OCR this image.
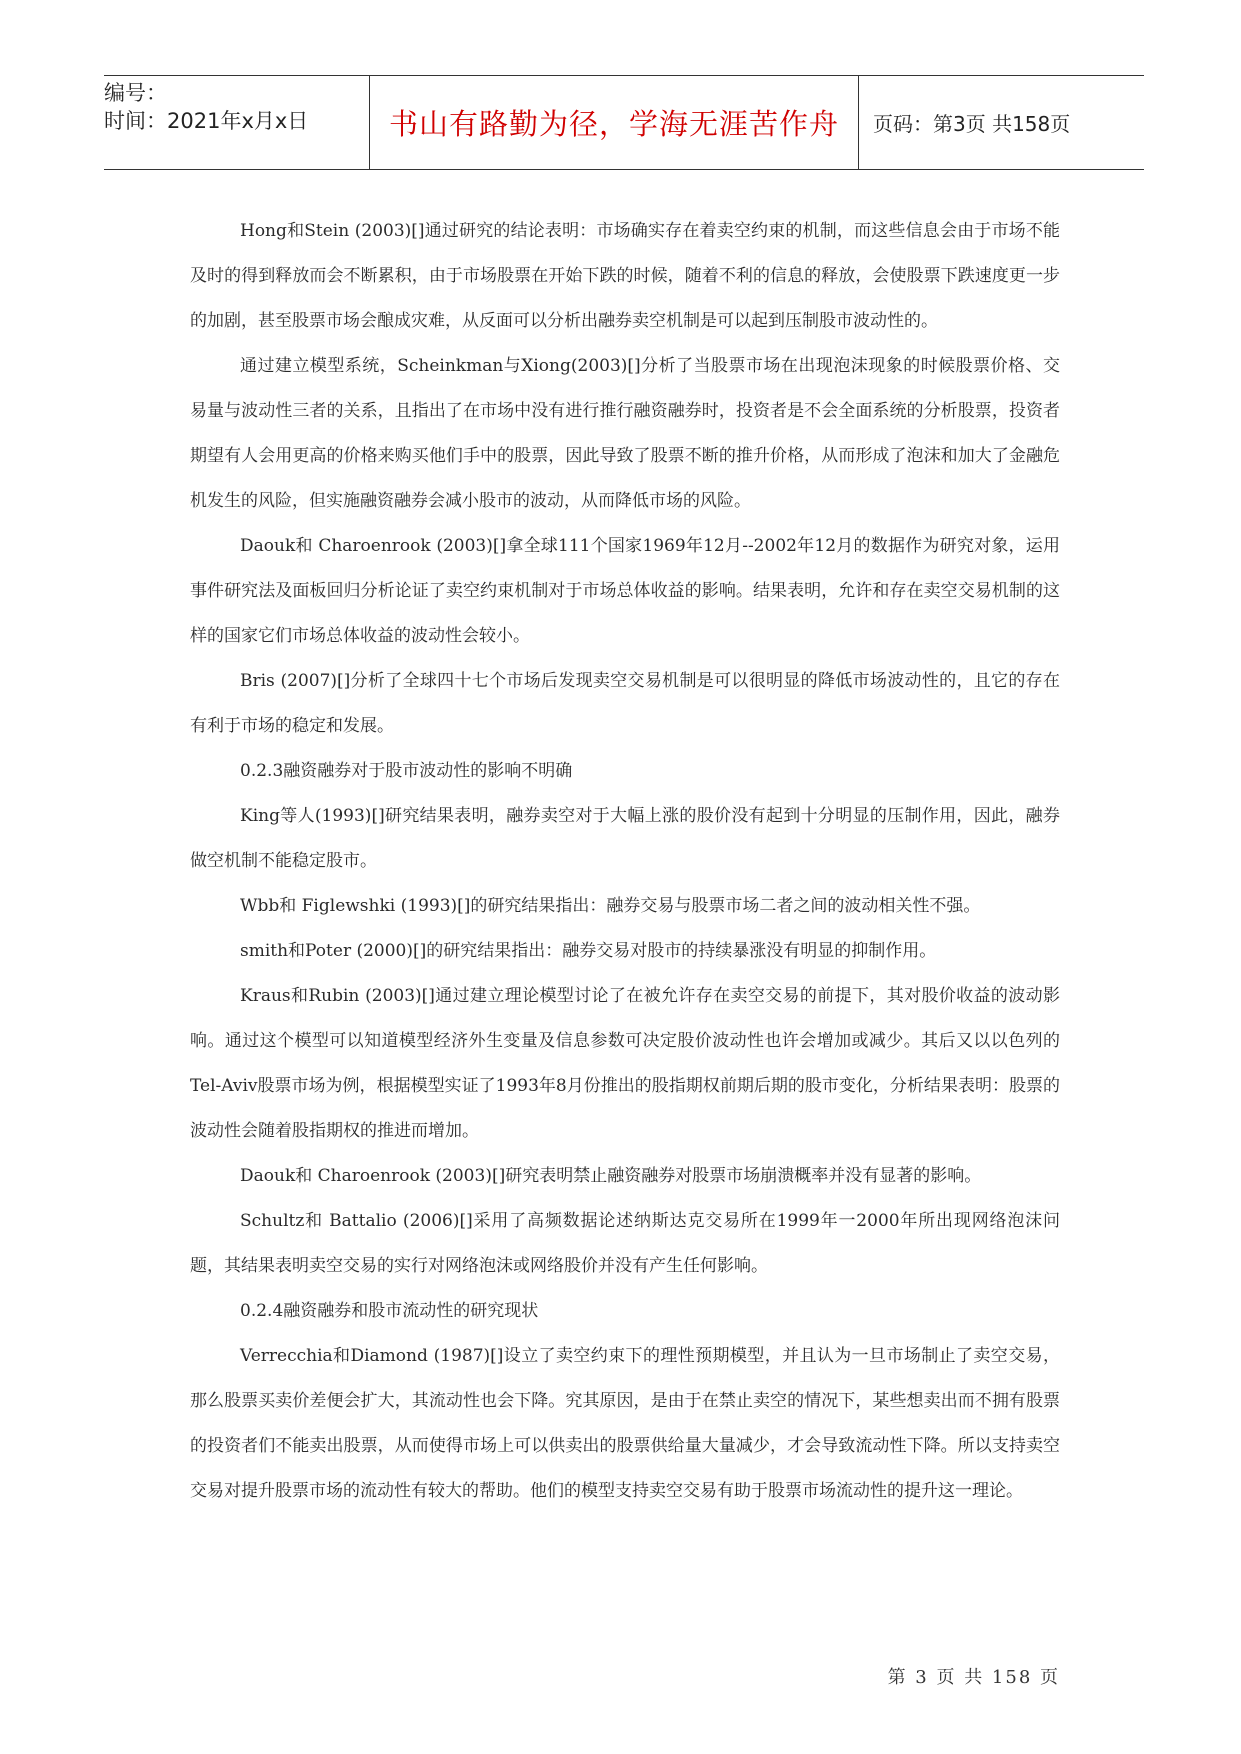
编号：
时间：2021年x月x日	书山有路勤为径，学海无涯苦作舟	页码：第3页 共158页

Hong和Stein (2003)[]通过研究的结论表明：市场确实存在着卖空约束的机制，而这些信息会由于市场不能及时的得到释放而会不断累积，由于市场股票在开始下跌的时候，随着不利的信息的释放，会使股票下跌速度更一步的加剧，甚至股票市场会酿成灾难，从反面可以分析出融券卖空机制是可以起到压制股市波动性的。

通过建立模型系统，Scheinkman与Xiong(2003)[]分析了当股票市场在出现泡沫现象的时候股票价格、交易量与波动性三者的关系，且指出了在市场中没有进行推行融资融券时，投资者是不会全面系统的分析股票，投资者期望有人会用更高的价格来购买他们手中的股票，因此导致了股票不断的推升价格，从而形成了泡沫和加大了金融危机发生的风险，但实施融资融券会减小股市的波动，从而降低市场的风险。

Daouk和 Charoenrook (2003)[]拿全球111个国家1969年12月--2002年12月的数据作为研究对象，运用事件研究法及面板回归分析论证了卖空约束机制对于市场总体收益的影响。结果表明，允许和存在卖空交易机制的这样的国家它们市场总体收益的波动性会较小。

Bris (2007)[]分析了全球四十七个市场后发现卖空交易机制是可以很明显的降低市场波动性的，且它的存在有利于市场的稳定和发展。

0.2.3融资融券对于股市波动性的影响不明确

King等人(1993)[]研究结果表明，融券卖空对于大幅上涨的股价没有起到十分明显的压制作用，因此，融券做空机制不能稳定股市。

Wbb和 Figlewshki (1993)[]的研究结果指出：融券交易与股票市场二者之间的波动相关性不强。

smith和Poter (2000)[]的研究结果指出：融券交易对股市的持续暴涨没有明显的抑制作用。

Kraus和Rubin (2003)[]通过建立理论模型讨论了在被允许存在卖空交易的前提下，其对股价收益的波动影响。通过这个模型可以知道模型经济外生变量及信息参数可决定股价波动性也许会增加或减少。其后又以以色列的Tel-Aviv股票市场为例，根据模型实证了1993年8月份推出的股指期权前期后期的股市变化，分析结果表明：股票的波动性会随着股指期权的推进而增加。

Daouk和 Charoenrook (2003)[]研究表明禁止融资融券对股票市场崩溃概率并没有显著的影响。

Schultz和 Battalio (2006)[]采用了高频数据论述纳斯达克交易所在1999年一2000年所出现网络泡沫问题，其结果表明卖空交易的实行对网络泡沫或网络股价并没有产生任何影响。

0.2.4融资融券和股市流动性的研究现状

Verrecchia和Diamond (1987)[]设立了卖空约束下的理性预期模型，并且认为一旦市场制止了卖空交易，那么股票买卖价差便会扩大，其流动性也会下降。究其原因，是由于在禁止卖空的情况下，某些想卖出而不拥有股票的投资者们不能卖出股票，从而使得市场上可以供卖出的股票供给量大量减少，才会导致流动性下降。所以支持卖空交易对提升股票市场的流动性有较大的帮助。他们的模型支持卖空交易有助于股票市场流动性的提升这一理论。

第 3 页 共 158 页
